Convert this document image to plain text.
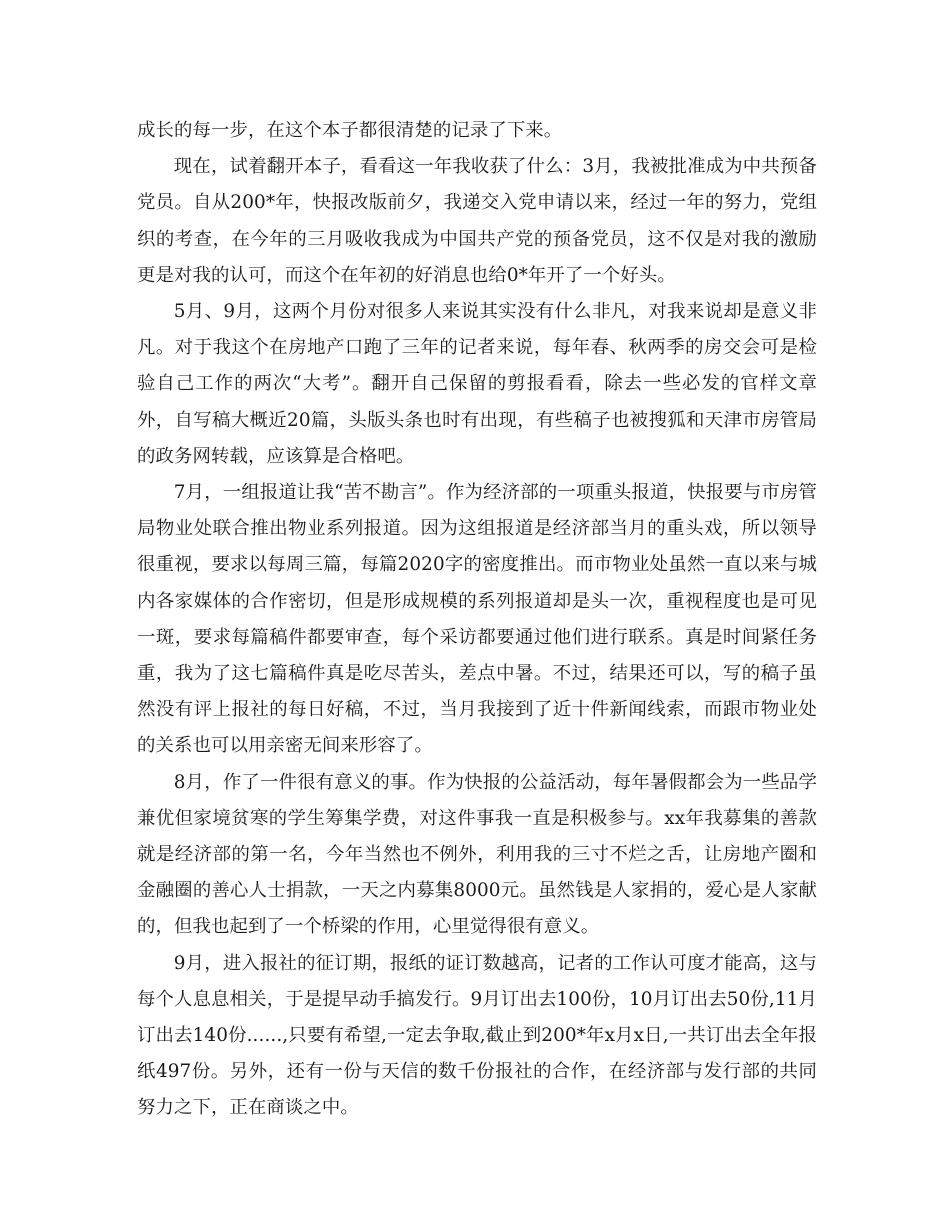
成长的每一步，在这个本子都很清楚的记录了下来。

现在，试着翻开本子，看看这一年我收获了什么：3月，我被批准成为中共预备党员。自从200*年，快报改版前夕，我递交入党申请以来，经过一年的努力，党组织的考查，在今年的三月吸收我成为中国共产党的预备党员，这不仅是对我的激励更是对我的认可，而这个在年初的好消息也给0*年开了一个好头。

5月、9月，这两个月份对很多人来说其实没有什么非凡，对我来说却是意义非凡。对于我这个在房地产口跑了三年的记者来说，每年春、秋两季的房交会可是检验自己工作的两次“大考”。翻开自己保留的剪报看看，除去一些必发的官样文章外，自写稿大概近20篇，头版头条也时有出现，有些稿子也被搜狐和天津市房管局的政务网转载，应该算是合格吧。

7月，一组报道让我“苦不勘言”。作为经济部的一项重头报道，快报要与市房管局物业处联合推出物业系列报道。因为这组报道是经济部当月的重头戏，所以领导很重视，要求以每周三篇，每篇2020字的密度推出。而市物业处虽然一直以来与城内各家媒体的合作密切，但是形成规模的系列报道却是头一次，重视程度也是可见一斑，要求每篇稿件都要审查，每个采访都要通过他们进行联系。真是时间紧任务重，我为了这七篇稿件真是吃尽苦头，差点中暑。不过，结果还可以，写的稿子虽然没有评上报社的每日好稿，不过，当月我接到了近十件新闻线索，而跟市物业处的关系也可以用亲密无间来形容了。

8月，作了一件很有意义的事。作为快报的公益活动，每年暑假都会为一些品学兼优但家境贫寒的学生筹集学费，对这件事我一直是积极参与。xx年我募集的善款就是经济部的第一名，今年当然也不例外，利用我的三寸不烂之舌，让房地产圈和金融圈的善心人士捐款，一天之内募集8000元。虽然钱是人家捐的，爱心是人家献的，但我也起到了一个桥梁的作用，心里觉得很有意义。

9月，进入报社的征订期，报纸的证订数越高，记者的工作认可度才能高，这与每个人息息相关，于是提早动手搞发行。9月订出去100份，10月订出去50份,11月订出去140份......,只要有希望,一定去争取,截止到200*年x月x日,一共订出去全年报纸497份。另外，还有一份与天信的数千份报社的合作，在经济部与发行部的共同努力之下，正在商谈之中。
